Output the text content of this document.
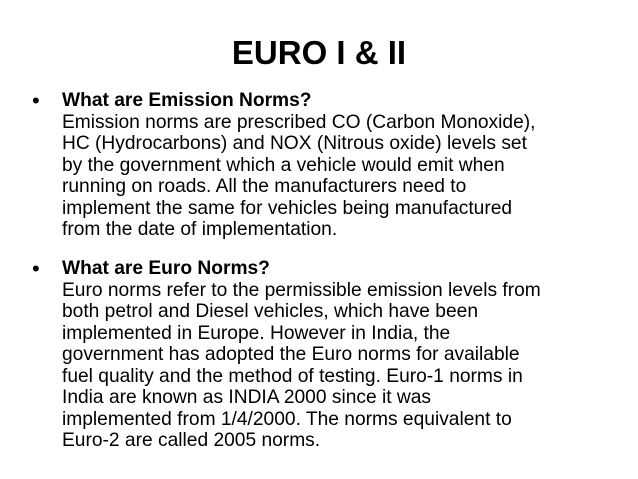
EURO I & II
• What are Emission Norms?
Emission norms are prescribed CO (Carbon Monoxide),
HC (Hydrocarbons) and NOX (Nitrous oxide) levels set
by the government which a vehicle would emit when
running on roads. All the manufacturers need to
implement the same for vehicles being manufactured
from the date of implementation.
• What are Euro Norms?
Euro norms refer to the permissible emission levels from
both petrol and Diesel vehicles, which have been
implemented in Europe. However in India, the
government has adopted the Euro norms for available
fuel quality and the method of testing. Euro-1 norms in
India are known as INDIA 2000 since it was
implemented from 1/4/2000. The norms equivalent to
Euro-2 are called 2005 norms.
